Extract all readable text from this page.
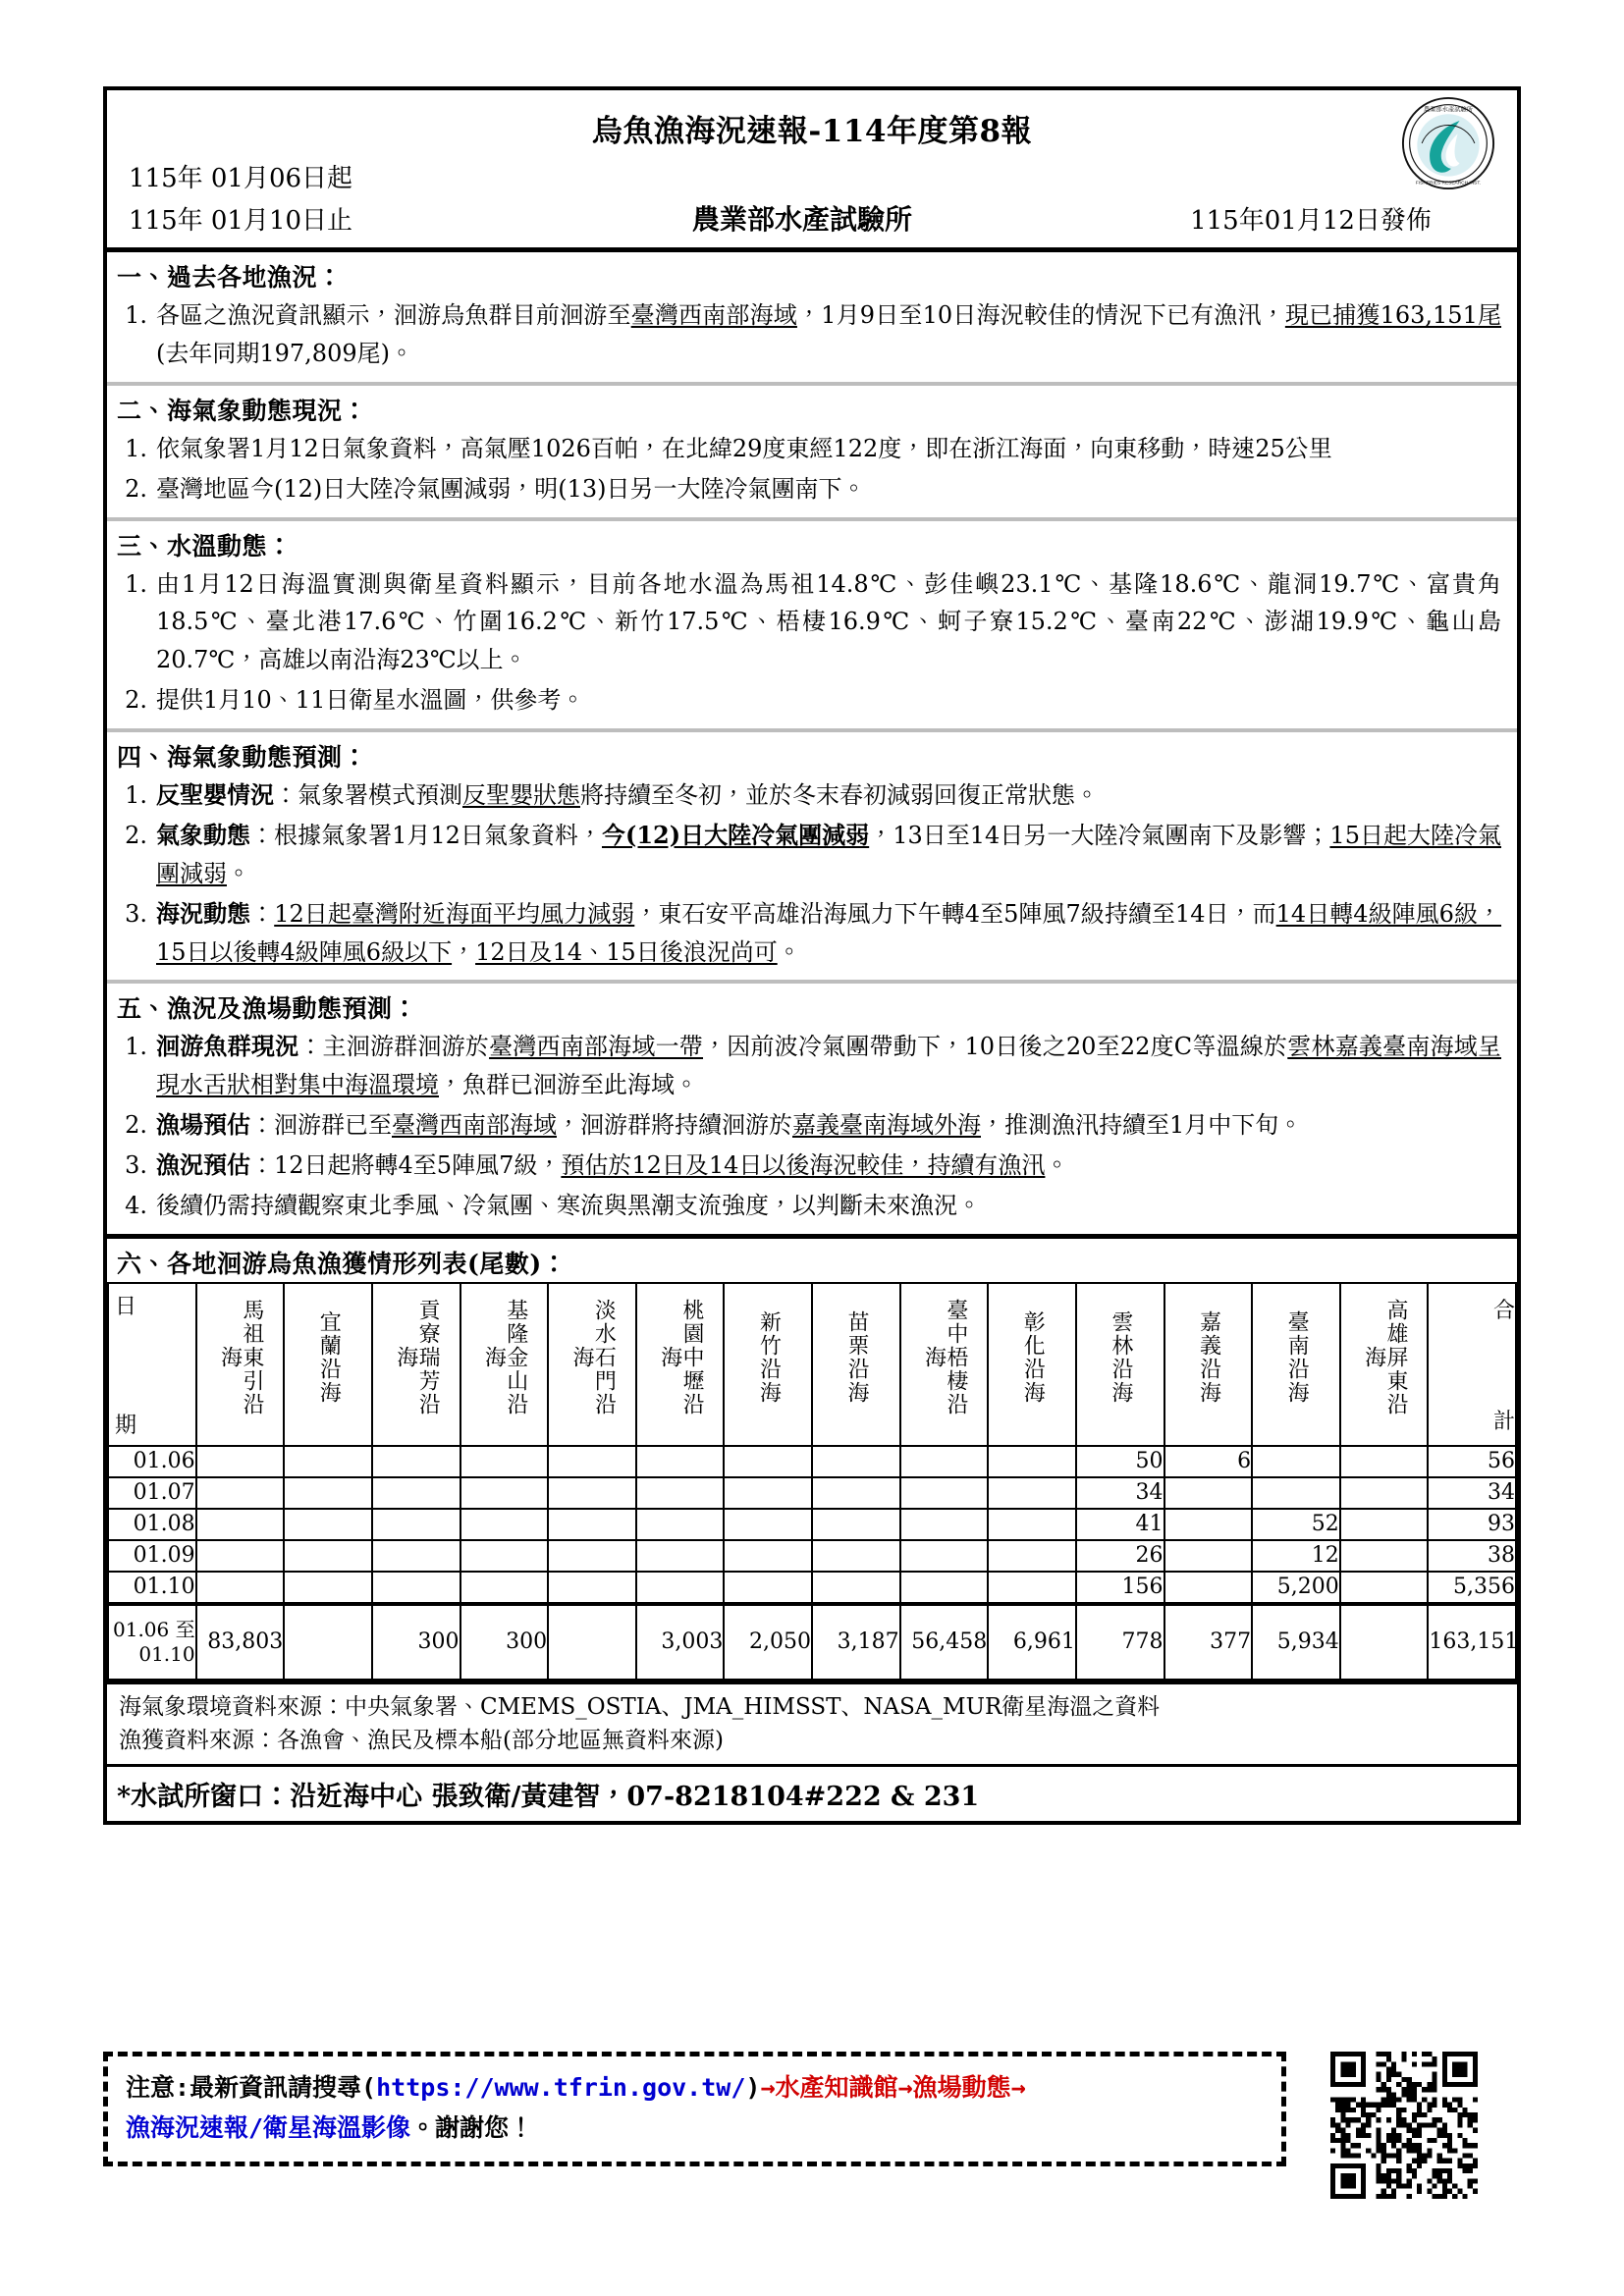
烏魚漁海況速報-114年度第8報
115年 01月06日起
115年 01月10日止	農業部水產試驗所	115年01月12日發佈
農業部水產試驗所
FISHERIES RESEARCH INST.
一、過去各地漁況：
1. 各區之漁況資訊顯示，洄游烏魚群目前洄游至臺灣西南部海域，1月9日至10日海況較佳的情況下已有漁汛，現已捕獲163,151尾(去年同期197,809尾)。
二、海氣象動態現況：
1. 依氣象署1月12日氣象資料，高氣壓1026百帕，在北緯29度東經122度，即在浙江海面，向東移動，時速25公里
2. 臺灣地區今(12)日大陸冷氣團減弱，明(13)日另一大陸冷氣團南下。
三、水溫動態：
1. 由1月12日海溫實測與衛星資料顯示，目前各地水溫為馬祖14.8℃、彭佳嶼23.1℃、基隆18.6℃、龍洞19.7℃、富貴角18.5℃、臺北港17.6℃、竹圍16.2℃、新竹17.5℃、梧棲16.9℃、蚵子寮15.2℃、臺南22℃、澎湖19.9℃、龜山島20.7℃，高雄以南沿海23℃以上。
2. 提供1月10、11日衛星水溫圖，供參考。
四、海氣象動態預測：
1. 反聖嬰情況：氣象署模式預測反聖嬰狀態將持續至冬初，並於冬末春初減弱回復正常狀態。
2. 氣象動態：根據氣象署1月12日氣象資料，今(12)日大陸冷氣團減弱，13日至14日另一大陸冷氣團南下及影響；15日起大陸冷氣團減弱。
3. 海況動態：12日起臺灣附近海面平均風力減弱，東石安平高雄沿海風力下午轉4至5陣風7級持續至14日，而14日轉4級陣風6級，15日以後轉4級陣風6級以下，12日及14、15日後浪況尚可。
五、漁況及漁場動態預測：
1. 洄游魚群現況：主洄游群洄游於臺灣西南部海域一帶，因前波冷氣團帶動下，10日後之20至22度C等溫線於雲林嘉義臺南海域呈現水舌狀相對集中海溫環境，魚群已洄游至此海域。
2. 漁場預估：洄游群已至臺灣西南部海域，洄游群將持續洄游於嘉義臺南海域外海，推測漁汛持續至1月中下旬。
3. 漁況預估：12日起將轉4至5陣風7級，預估於12日及14日以後海況較佳，持續有漁汛。
4. 後續仍需持續觀察東北季風、冷氣團、寒流與黑潮支流強度，以判斷未來漁況。
六、各地洄游烏魚漁獲情形列表(尾數)：
日
期	馬祖東引沿海	宜蘭沿海	貢寮瑞芳沿海	基隆金山沿海	淡水石門沿海	桃園中壢沿海	新竹沿海	苗栗沿海	臺中梧棲沿海	彰化沿海	雲林沿海	嘉義沿海	臺南沿海	高雄屏東沿海	合
計

01.06											50	6			56
01.07											34				34
01.08											41		52		93
01.09											26		12		38
01.10											156		5,200		5,356

01.06 至
01.10	83,803		300	300		3,003	2,050	3,187	56,458	6,961	778	377	5,934		163,151
海氣象環境資料來源：中央氣象署、CMEMS_OSTIA、JMA_HIMSST、NASA_MUR衛星海溫之資料
漁獲資料來源：各漁會、漁民及標本船(部分地區無資料來源)
*水試所窗口：沿近海中心 張致衛/黃建智，07-8218104#222 & 231
注意:最新資訊請搜尋(https://www.tfrin.gov.tw/)→水產知識館→漁場動態→
漁海況速報/衛星海溫影像。謝謝您！
